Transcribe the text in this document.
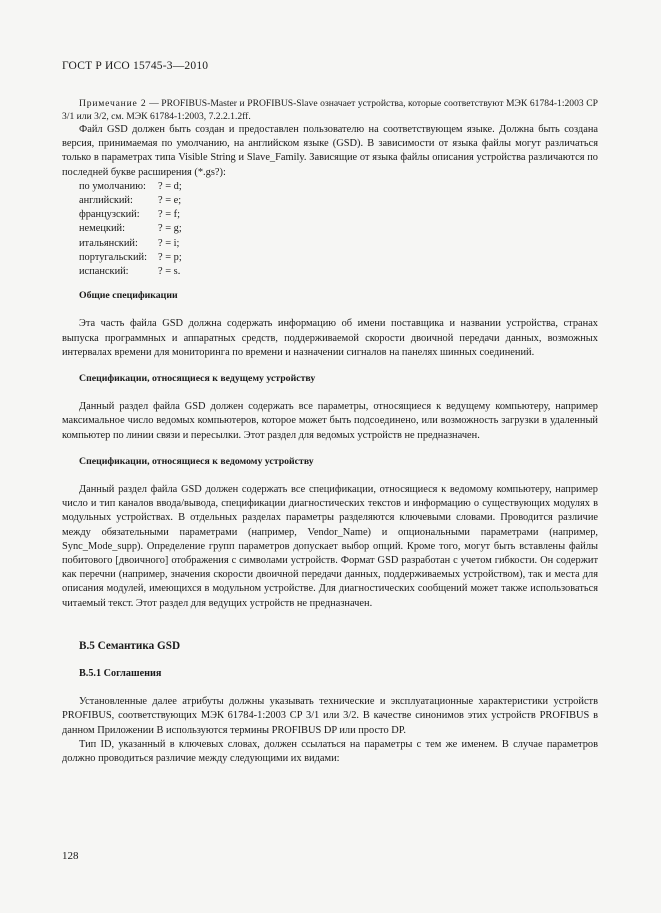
ГОСТ Р ИСО 15745-3—2010

Примечание 2 — PROFIBUS-Master и PROFIBUS-Slave означает устройства, которые соответствуют МЭК 61784-1:2003 CP 3/1 или 3/2, см. МЭК 61784-1:2003, 7.2.2.1.2ff.

Файл GSD должен быть создан и предоставлен пользователю на соответствующем языке. Должна быть создана версия, принимаемая по умолчанию, на английском языке (GSD). В зависимости от языка файлы могут различаться только в параметрах типа Visible String и Slave_Family. Зависящие от языка файлы описания устройства различаются по последней букве расширения (*.gs?):

по умолчанию:	? = d;
английский:	? = e;
французский:	? = f;
немецкий:	? = g;
итальянский:	? = i;
португальский:	? = p;
испанский:	? = s.
Общие спецификации

Эта часть файла GSD должна содержать информацию об имени поставщика и названии устройства, странах выпуска программных и аппаратных средств, поддерживаемой скорости двоичной передачи данных, возможных интервалах времени для мониторинга по времени и назначении сигналов на панелях шинных соединений.

Спецификации, относящиеся к ведущему устройству

Данный раздел файла GSD должен содержать все параметры, относящиеся к ведущему компьютеру, например максимальное число ведомых компьютеров, которое может быть подсоединено, или возможность загрузки в удаленный компьютер по линии связи и пересылки. Этот раздел для ведомых устройств не предназначен.

Спецификации, относящиеся к ведомому устройству

Данный раздел файла GSD должен содержать все спецификации, относящиеся к ведомому компьютеру, например число и тип каналов ввода/вывода, спецификации диагностических текстов и информацию о существующих модулях в модульных устройствах. В отдельных разделах параметры разделяются ключевыми словами. Проводится различие между обязательными параметрами (например, Vendor_Name) и опциональными параметрами (например, Sync_Mode_supp). Определение групп параметров допускает выбор опций. Кроме того, могут быть вставлены файлы побитового [двоичного] отображения с символами устройств. Формат GSD разработан с учетом гибкости. Он содержит как перечни (например, значения скорости двоичной передачи данных, поддерживаемых устройством), так и места для описания модулей, имеющихся в модульном устройстве. Для диагностических сообщений может также использоваться читаемый текст. Этот раздел для ведущих устройств не предназначен.

B.5 Семантика GSD
B.5.1 Соглашения

Установленные далее атрибуты должны указывать технические и эксплуатационные характеристики устройств PROFIBUS, соответствующих МЭК 61784-1:2003 CP 3/1 или 3/2. В качестве синонимов этих устройств PROFIBUS в данном Приложении В используются термины PROFIBUS DP или просто DP.

Тип ID, указанный в ключевых словах, должен ссылаться на параметры с тем же именем. В случае параметров должно проводиться различие между следующими их видами:

128
